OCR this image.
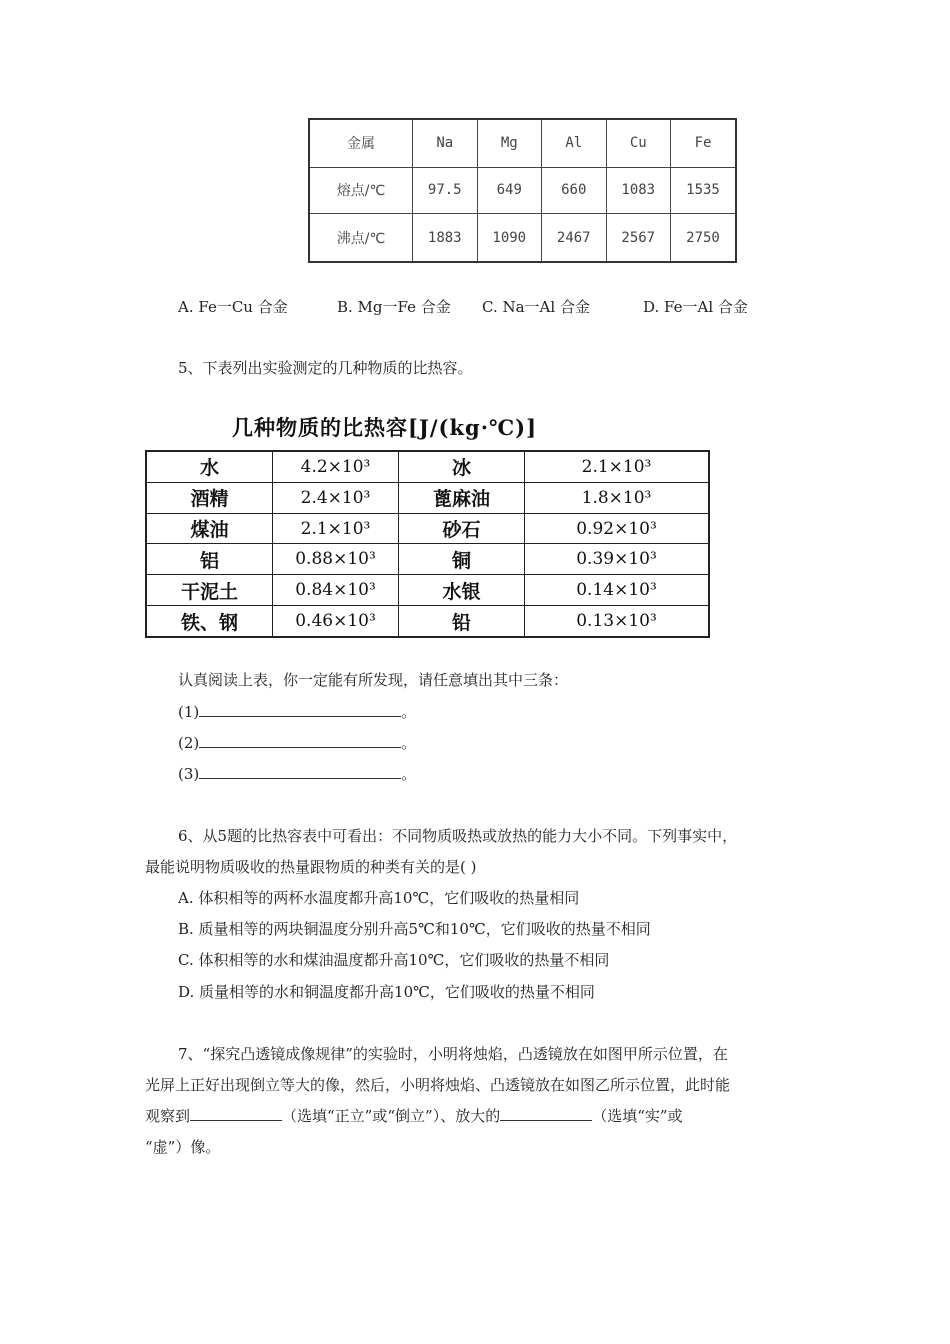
金属	Na	Mg	Al	Cu	Fe
熔点/℃	97.5	649	660	1083	1535
沸点/℃	1883	1090	2467	2567	2750
A. Fe一Cu 合金	B. Mg一Fe 合金 C. Na一Al 合金	D. Fe一Al 合金
5、下表列出实验测定的几种物质的比热容。
几种物质的比热容[J/(kg·℃)]
水	4.2×10³	冰	2.1×10³
酒精	2.4×10³	蓖麻油	1.8×10³
煤油	2.1×10³	砂石	0.92×10³
铝	0.88×10³	铜	0.39×10³
干泥土	0.84×10³	水银	0.14×10³
铁、钢	0.46×10³	铅	0.13×10³
认真阅读上表，你一定能有所发现，请任意填出其中三条：
(1)	。
(2)	。
(3)	。
6、从5题的比热容表中可看出：不同物质吸热或放热的能力大小不同。下列事实中，
最能说明物质吸收的热量跟物质的种类有关的是( )
A. 体积相等的两杯水温度都升高10℃，它们吸收的热量相同
B. 质量相等的两块铜温度分别升高5℃和10℃，它们吸收的热量不相同
C. 体积相等的水和煤油温度都升高10℃，它们吸收的热量不相同
D. 质量相等的水和铜温度都升高10℃，它们吸收的热量不相同
7、“探究凸透镜成像规律”的实验时，小明将烛焰，凸透镜放在如图甲所示位置，在
光屏上正好出现倒立等大的像，然后，小明将烛焰、凸透镜放在如图乙所示位置，此时能
观察到	（选填“正立”或“倒立”）、放大的	（选填“实”或
“虚”）像。
